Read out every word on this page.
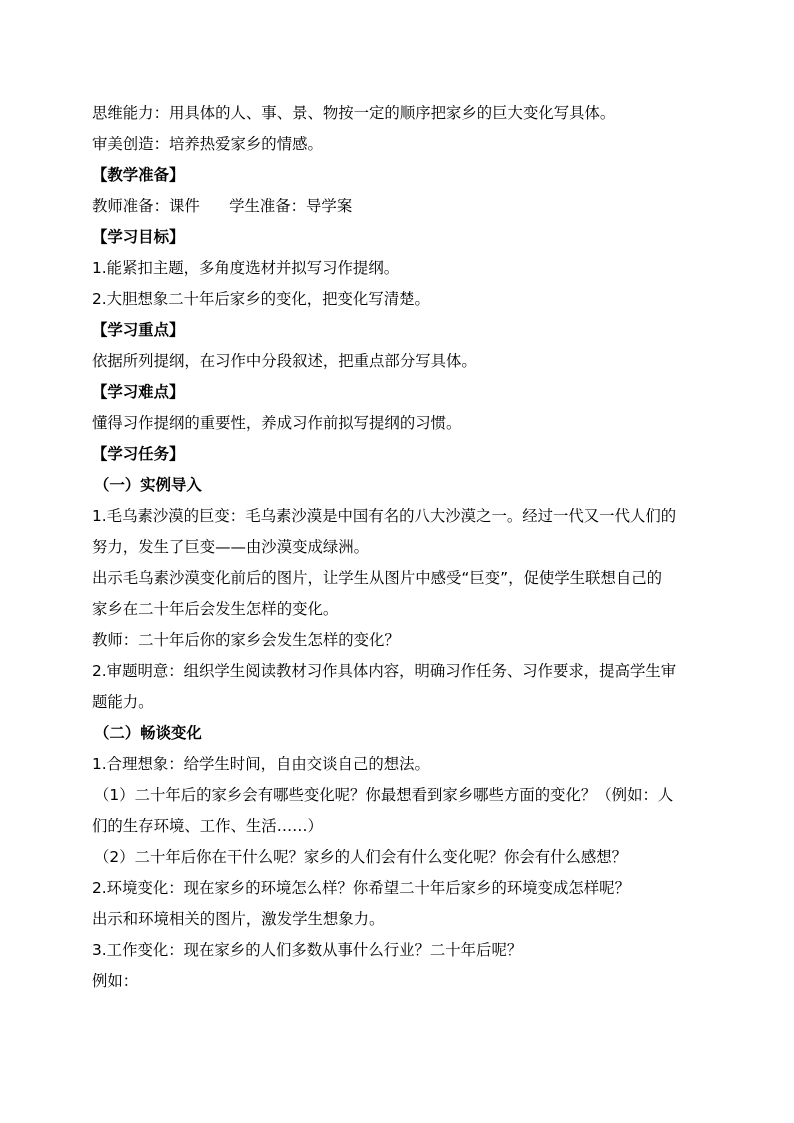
思维能力：用具体的人、事、景、物按一定的顺序把家乡的巨大变化写具体。
审美创造：培养热爱家乡的情感。
【教学准备】
教师准备：课件      学生准备：导学案
【学习目标】
1.能紧扣主题，多角度选材并拟写习作提纲。
2.大胆想象二十年后家乡的变化，把变化写清楚。
【学习重点】
依据所列提纲，在习作中分段叙述，把重点部分写具体。
【学习难点】
懂得习作提纲的重要性，养成习作前拟写提纲的习惯。
【学习任务】
（一）实例导入
1.毛乌素沙漠的巨变：毛乌素沙漠是中国有名的八大沙漠之一。经过一代又一代人们的
努力，发生了巨变——由沙漠变成绿洲。
出示毛乌素沙漠变化前后的图片，让学生从图片中感受“巨变”，促使学生联想自己的
家乡在二十年后会发生怎样的变化。
教师：二十年后你的家乡会发生怎样的变化？
2.审题明意：组织学生阅读教材习作具体内容，明确习作任务、习作要求，提高学生审
题能力。
（二）畅谈变化
1.合理想象：给学生时间，自由交谈自己的想法。
（1）二十年后的家乡会有哪些变化呢？你最想看到家乡哪些方面的变化？（例如：人
们的生存环境、工作、生活……）
（2）二十年后你在干什么呢？家乡的人们会有什么变化呢？你会有什么感想？
2.环境变化：现在家乡的环境怎么样？你希望二十年后家乡的环境变成怎样呢？
出示和环境相关的图片，激发学生想象力。
3.工作变化：现在家乡的人们多数从事什么行业？二十年后呢？
例如：
